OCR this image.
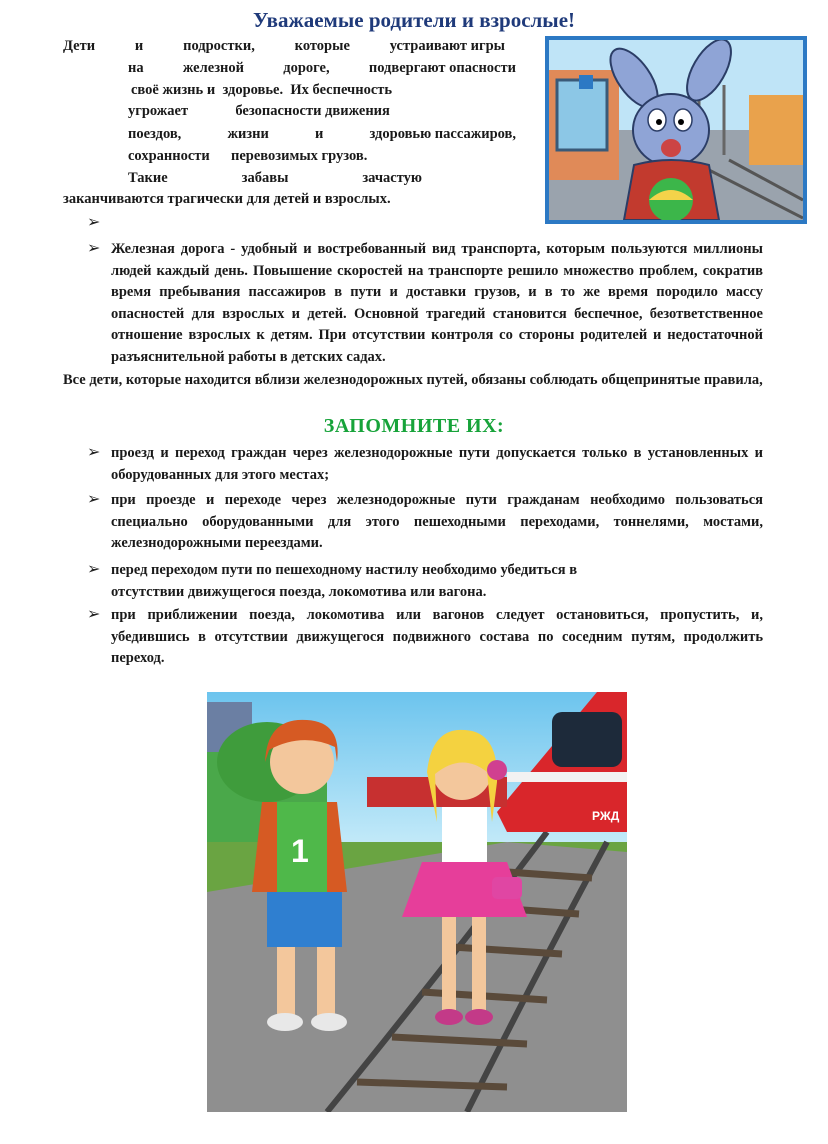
Уважаемые родители и взрослые!
Дети	и	подростки,	которые	устраивают игры
на	железной	дороге,	подвергают опасности
своё жизнь и здоровье. Их беспечность
угрожает	безопасности движения
поездов,	жизни	и	здоровью пассажиров,
сохранности перевозимых грузов.
Такие	забавы	зачастую
заканчиваются трагически для детей и взрослых.
➢
➢ Железная дорога - удобный и востребованный вид транспорта, которым пользуются миллионы людей каждый день. Повышение скоростей на транспорте решило множество проблем, сократив время пребывания пассажиров в пути и доставки грузов, и в то же время породило массу опасностей для взрослых и детей. Основной трагедий становится беспечное, безответственное отношение взрослых к детям. При отсутствии контроля со стороны родителей и недостаточной разъяснительной работы в детских садах.
Все дети, которые находится вблизи железнодорожных путей, обязаны соблюдать общепринятые правила,
ЗАПОМНИТЕ ИХ:
➢ проезд и переход граждан через железнодорожные пути допускается только в установленных и оборудованных для этого местах;
➢ при проезде и переходе через железнодорожные пути гражданам необходимо пользоваться специально оборудованными для этого пешеходными переходами, тоннелями, мостами, железнодорожными переездами.
➢ перед переходом пути по пешеходному настилу необходимо убедиться в отсутствии движущегося поезда, локомотива или вагона.
➢ при приближении поезда, локомотива или вагонов следует остановиться, пропустить, и, убедившись в отсутствии движущегося подвижного состава по соседним путям, продолжить переход.
РЖД
1
